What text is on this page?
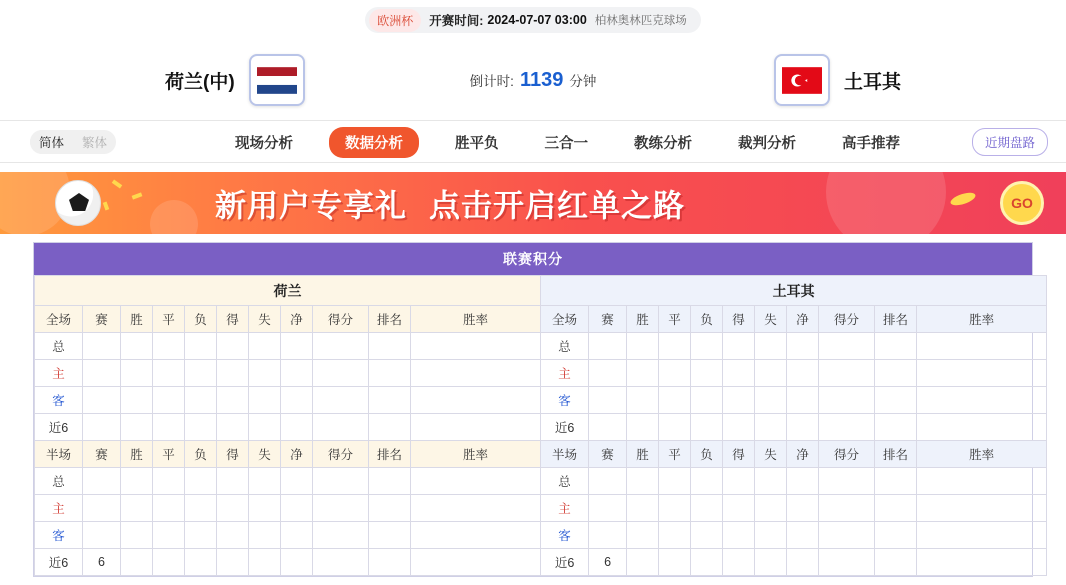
欧洲杯	开赛时间: 2024-07-07 03:00 柏林奥林匹克球场
荷兰(中)	倒计时: 1139 分钟	土耳其
简体	繁体	现场分析	数据分析	胜平负	三合一	教练分析	裁判分析	高手推荐	近期盘路
新用户专享礼 点击开启红单之路	GO
联赛积分
荷兰											土耳其										
全场	赛	胜	平	负	得	失	净	得分	排名	胜率	全场	赛	胜	平	负	得	失	净	得分	排名	胜率
总											总										
主											主										
客											客										
近6											近6										
半场	赛	胜	平	负	得	失	净	得分	排名	胜率	半场	赛	胜	平	负	得	失	净	得分	排名	胜率
总											总										
主											主										
客											客										
近6	6										近6	6									
